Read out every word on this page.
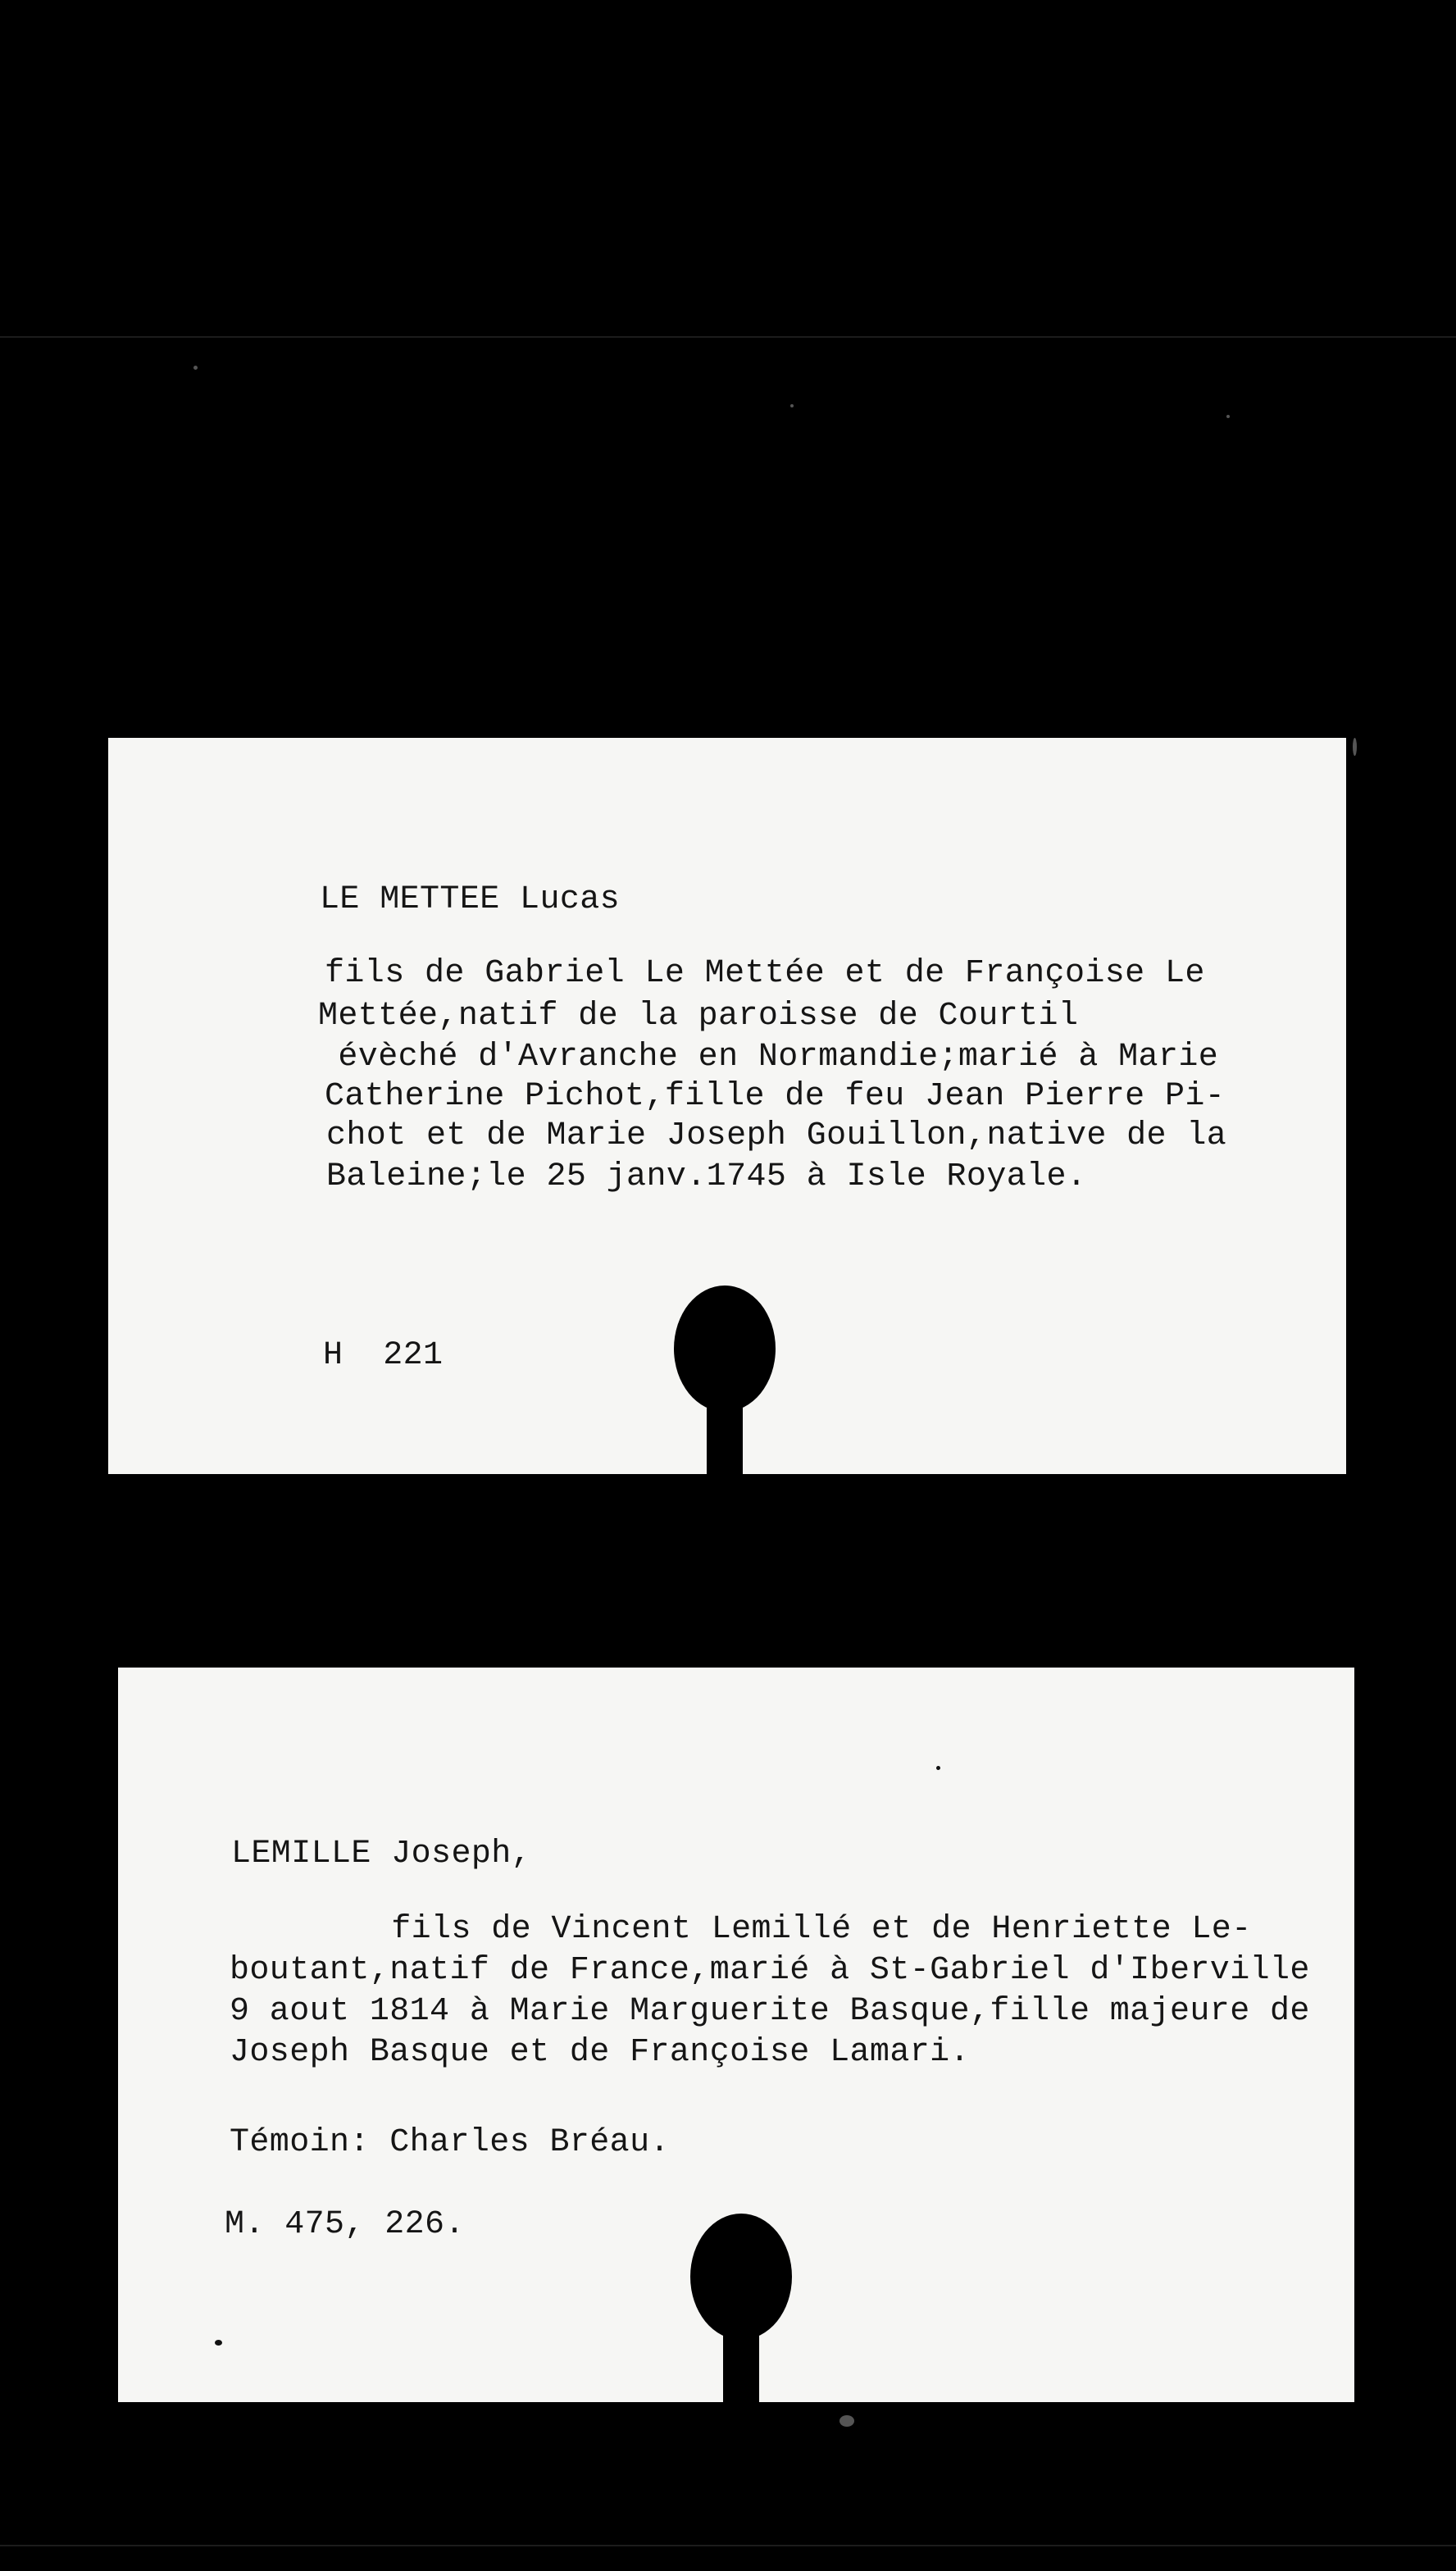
LE METTEE Lucas
fils de Gabriel Le Mettée et de Françoise Le
Mettée,natif de la paroisse de Courtil
évèché d'Avranche en Normandie;marié à Marie
Catherine Pichot,fille de feu Jean Pierre Pi-
chot et de Marie Joseph Gouillon,native de la
Baleine;le 25 janv.1745 à Isle Royale.
H  221
LEMILLE Joseph,
fils de Vincent Lemillé et de Henriette Le-
boutant,natif de France,marié à St-Gabriel d'Iberville
9 aout 1814 à Marie Marguerite Basque,fille majeure de
Joseph Basque et de Françoise Lamari.
Témoin: Charles Bréau.
M. 475, 226.
